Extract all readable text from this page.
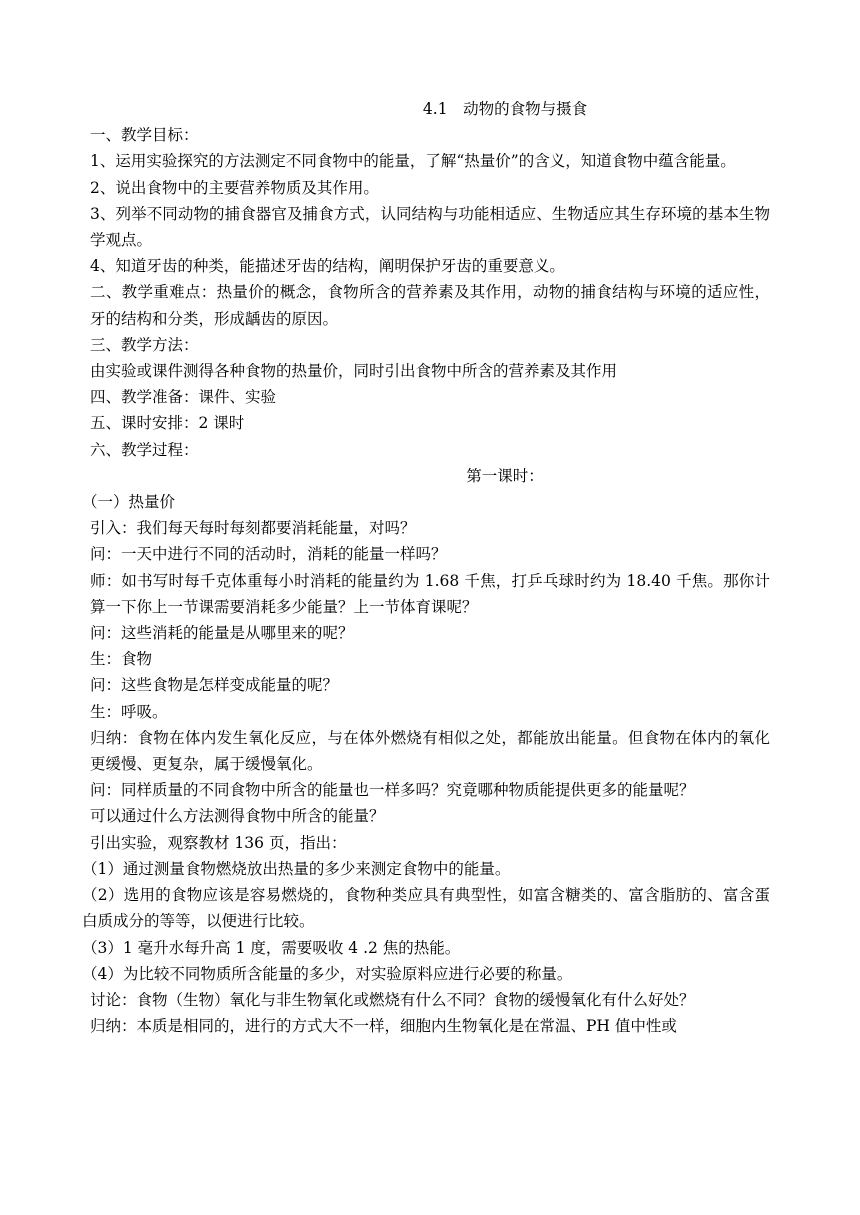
4.1　动物的食物与摄食
一、教学目标：
1、运用实验探究的方法测定不同食物中的能量，了解“热量价”的含义，知道食物中蕴含能量。
2、说出食物中的主要营养物质及其作用。
3、列举不同动物的捕食器官及捕食方式，认同结构与功能相适应、生物适应其生存环境的基本生物学观点。
4、知道牙齿的种类，能描述牙齿的结构，阐明保护牙齿的重要意义。
二、教学重难点：热量价的概念，食物所含的营养素及其作用，动物的捕食结构与环境的适应性，牙的结构和分类，形成龋齿的原因。
三、教学方法：
由实验或课件测得各种食物的热量价，同时引出食物中所含的营养素及其作用
四、教学准备：课件、实验
五、课时安排：2 课时
六、教学过程：
第一课时：
（一）热量价
引入：我们每天每时每刻都要消耗能量，对吗？
问：一天中进行不同的活动时，消耗的能量一样吗？
师：如书写时每千克体重每小时消耗的能量约为 1.68 千焦，打乒乓球时约为 18.40 千焦。那你计算一下你上一节课需要消耗多少能量？上一节体育课呢？
问：这些消耗的能量是从哪里来的呢？
生：食物
问：这些食物是怎样变成能量的呢？
生：呼吸。
归纳：食物在体内发生氧化反应，与在体外燃烧有相似之处，都能放出能量。但食物在体内的氧化更缓慢、更复杂，属于缓慢氧化。
问：同样质量的不同食物中所含的能量也一样多吗？究竟哪种物质能提供更多的能量呢？
可以通过什么方法测得食物中所含的能量？
引出实验，观察教材 136 页，指出：
（1）通过测量食物燃烧放出热量的多少来测定食物中的能量。
（2）选用的食物应该是容易燃烧的，食物种类应具有典型性，如富含糖类的、富含脂肪的、富含蛋白质成分的等等，以便进行比较。
（3）1 毫升水每升高 1 度，需要吸收 4 .2 焦的热能。
（4）为比较不同物质所含能量的多少，对实验原料应进行必要的称量。
讨论：食物（生物）氧化与非生物氧化或燃烧有什么不同？食物的缓慢氧化有什么好处？
归纳：本质是相同的，进行的方式大不一样，细胞内生物氧化是在常温、PH 值中性或
